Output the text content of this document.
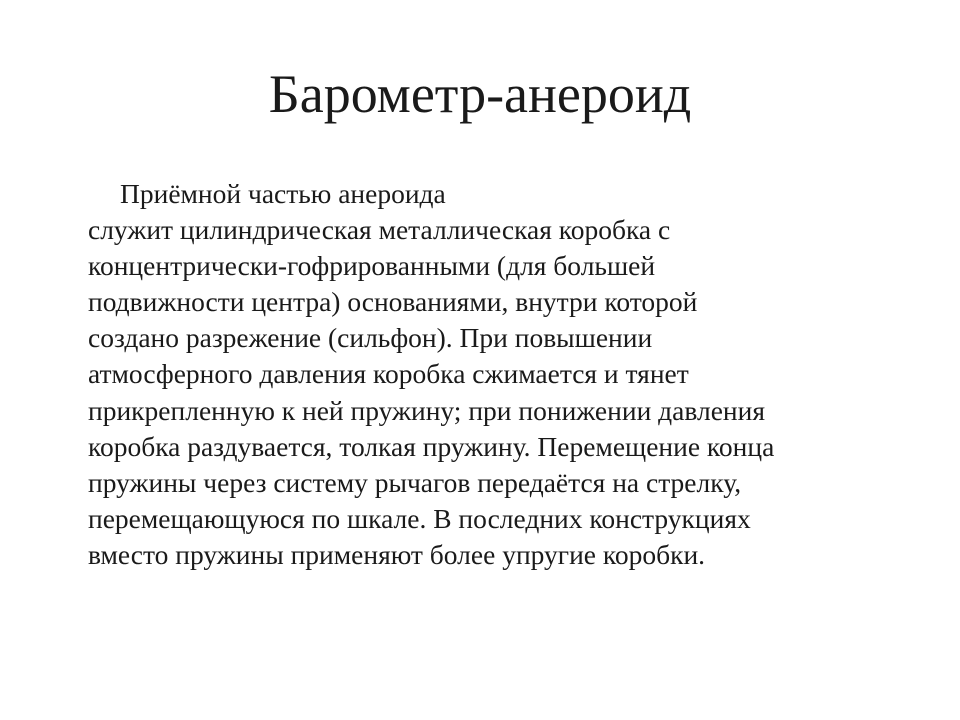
Барометр-анероид
Приёмной частью анероида
служит цилиндрическая металлическая коробка с
концентрически-гофрированными (для большей
подвижности центра) основаниями, внутри которой
создано разрежение (сильфон). При повышении
атмосферного давления коробка сжимается и тянет
прикрепленную к ней пружину; при понижении давления
коробка раздувается, толкая пружину. Перемещение конца
пружины через систему рычагов передаётся на стрелку,
перемещающуюся по шкале. В последних конструкциях
вместо пружины применяют более упругие коробки.
